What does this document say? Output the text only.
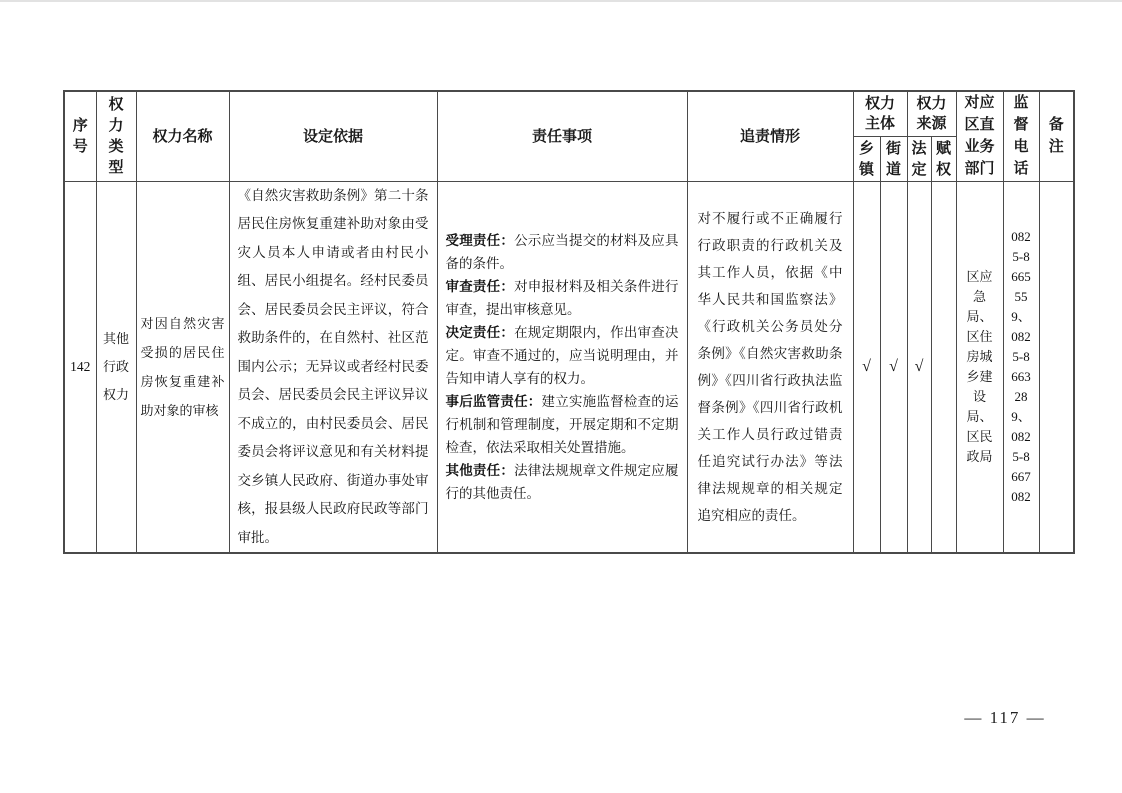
序号	权力类型	权力名称	设定依据	责任事项	追责情形	权力主体		权力来源		对应区直业务部门	监督电话	备注
						乡镇	街道	法定	赋权			
142	其他行政权力	对因自然灾害受损的居民住房恢复重建补助对象的审核	《自然灾害救助条例》第二十条居民住房恢复重建补助对象由受灾人员本人申请或者由村民小组、居民小组提名。经村民委员会、居民委员会民主评议，符合救助条件的，在自然村、社区范围内公示；无异议或者经村民委员会、居民委员会民主评议异议不成立的，由村民委员会、居民委员会将评议意见和有关材料提交乡镇人民政府、街道办事处审核，报县级人民政府民政等部门审批。	受理责任：公示应当提交的材料及应具备的条件。

审查责任：对申报材料及相关条件进行审查，提出审核意见。

决定责任：在规定期限内，作出审查决定。审查不通过的，应当说明理由，并告知申请人享有的权力。

事后监管责任：建立实施监督检查的运行机制和管理制度，开展定期和不定期检查，依法采取相关处置措施。

其他责任：法律法规规章文件规定应履行的其他责任。	对不履行或不正确履行行政职责的行政机关及其工作人员，依据《中华人民共和国监察法》《行政机关公务员处分条例》《自然灾害救助条例》《四川省行政执法监督条例》《四川省行政机关工作人员行政过错责任追究试行办法》等法律法规规章的相关规定追究相应的责任。	√	√	√		区应急局、区住房城乡建设局、区民政局	0825-8665559、0825-8663289、0825-8667082	
— 117 —
